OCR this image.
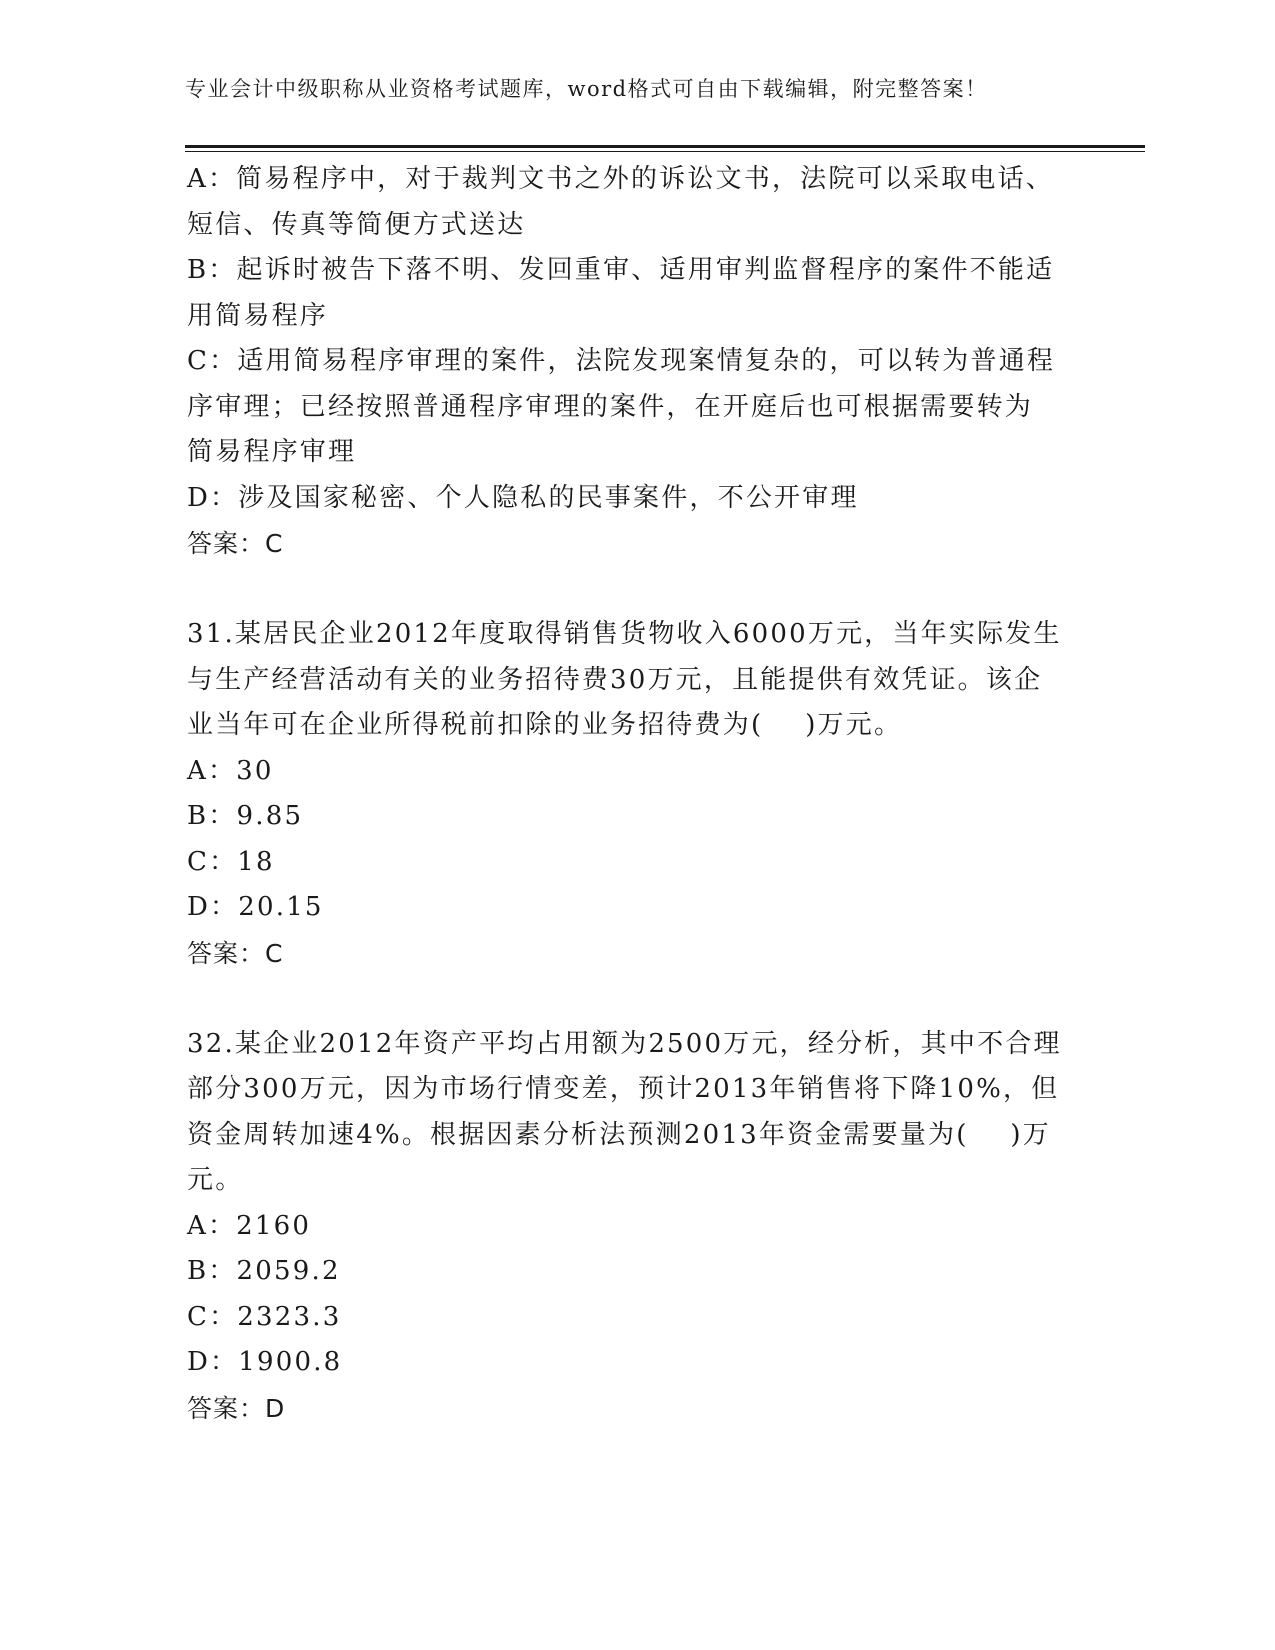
专业会计中级职称从业资格考试题库，word格式可自由下载编辑，附完整答案！
A：简易程序中，对于裁判文书之外的诉讼文书，法院可以采取电话、
短信、传真等简便方式送达
B：起诉时被告下落不明、发回重审、适用审判监督程序的案件不能适
用简易程序
C：适用简易程序审理的案件，法院发现案情复杂的，可以转为普通程
序审理；已经按照普通程序审理的案件，在开庭后也可根据需要转为
简易程序审理
D：涉及国家秘密、个人隐私的民事案件，不公开审理
答案：C
31.某居民企业2012年度取得销售货物收入6000万元，当年实际发生
与生产经营活动有关的业务招待费30万元，且能提供有效凭证。该企
业当年可在企业所得税前扣除的业务招待费为(    )万元。
A：30
B：9.85
C：18
D：20.15
答案：C
32.某企业2012年资产平均占用额为2500万元，经分析，其中不合理
部分300万元，因为市场行情变差，预计2013年销售将下降10%，但
资金周转加速4%。根据因素分析法预测2013年资金需要量为(    )万
元。
A：2160
B：2059.2
C：2323.3
D：1900.8
答案：D
